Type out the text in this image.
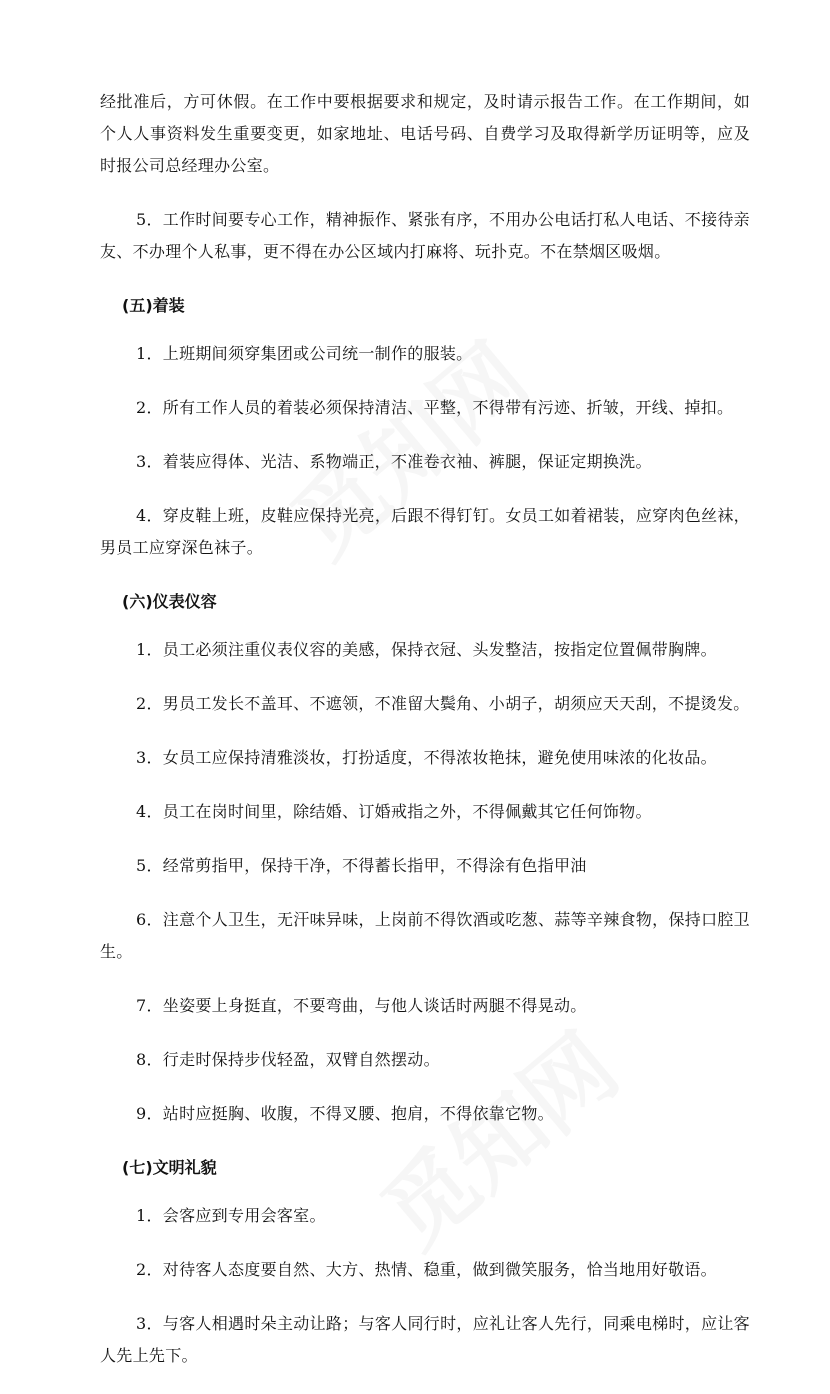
经批准后，方可休假。在工作中要根据要求和规定，及时请示报告工作。在工作期间，如个人人事资料发生重要变更，如家地址、电话号码、自费学习及取得新学历证明等，应及时报公司总经理办公室。

5．工作时间要专心工作，精神振作、紧张有序，不用办公电话打私人电话、不接待亲友、不办理个人私事，更不得在办公区域内打麻将、玩扑克。不在禁烟区吸烟。

(五)着装

1．上班期间须穿集团或公司统一制作的服装。

2．所有工作人员的着装必须保持清洁、平整，不得带有污迹、折皱，开线、掉扣。

3．着装应得体、光洁、系物端正，不准卷衣袖、裤腿，保证定期换洗。

4．穿皮鞋上班，皮鞋应保持光亮，后跟不得钉钉。女员工如着裙装，应穿肉色丝袜，男员工应穿深色袜子。

(六)仪表仪容

1．员工必须注重仪表仪容的美感，保持衣冠、头发整洁，按指定位置佩带胸牌。

2．男员工发长不盖耳、不遮领，不准留大鬓角、小胡子，胡须应天天刮，不提烫发。

3．女员工应保持清雅淡妆，打扮适度，不得浓妆艳抹，避免使用味浓的化妆品。

4．员工在岗时间里，除结婚、订婚戒指之外，不得佩戴其它任何饰物。

5．经常剪指甲，保持干净，不得蓄长指甲，不得涂有色指甲油

6．注意个人卫生，无汗味异味，上岗前不得饮酒或吃葱、蒜等辛辣食物，保持口腔卫生。

7．坐姿要上身挺直，不要弯曲，与他人谈话时两腿不得晃动。

8．行走时保持步伐轻盈，双臂自然摆动。

9．站时应挺胸、收腹，不得叉腰、抱肩，不得依靠它物。

(七)文明礼貌

1．会客应到专用会客室。

2．对待客人态度要自然、大方、热情、稳重，做到微笑服务，恰当地用好敬语。

3．与客人相遇时朵主动让路；与客人同行时，应礼让客人先行，同乘电梯时，应让客人先上先下。
